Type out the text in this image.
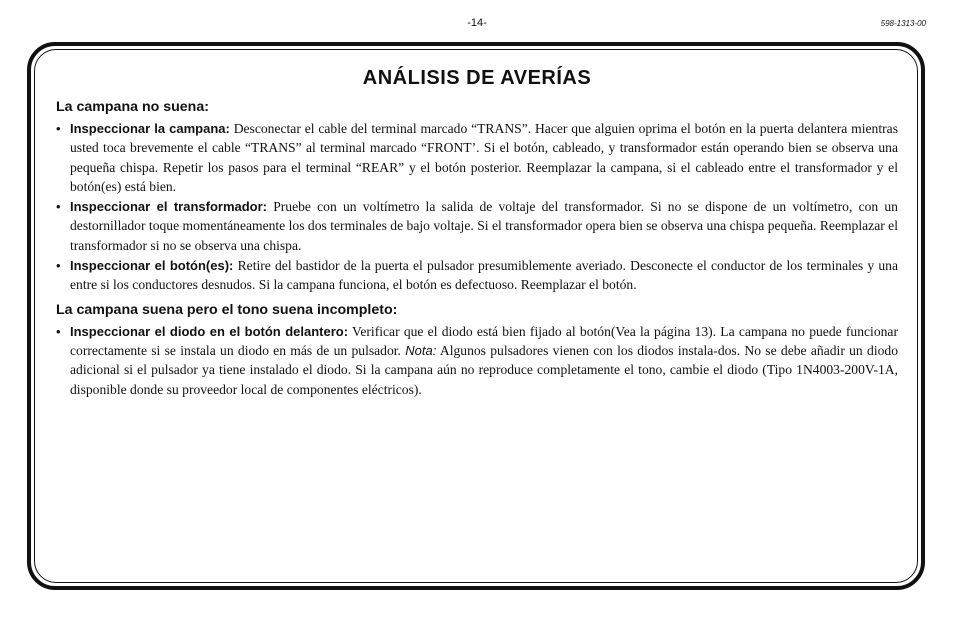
-14-	598-1313-00
ANÁLISIS DE AVERÍAS
La campana no suena:
• Inspeccionar la campana: Desconectar el cable del terminal marcado “TRANS”. Hacer que alguien oprima el botón en la puerta delantera mientras usted toca brevemente el cable “TRANS” al terminal marcado “FRONT’. Si el botón, cableado, y transformador están operando bien se observa una pequeña chispa. Repetir los pasos para el terminal “REAR” y el botón posterior. Reemplazar la campana, si el cableado entre el transformador y el botón(es) está bien.
• Inspeccionar el transformador: Pruebe con un voltímetro la salida de voltaje del transformador. Si no se dispone de un voltímetro, con un destornillador toque momentáneamente los dos terminales de bajo voltaje. Si el transformador opera bien se observa una chispa pequeña. Reemplazar el transformador si no se observa una chispa.
• Inspeccionar el botón(es): Retire del bastidor de la puerta el pulsador presumiblemente averiado. Desconecte el conductor de los terminales y una entre si los conductores desnudos. Si la campana funciona, el botón es defectuoso. Reemplazar el botón.
La campana suena pero el tono suena incompleto:
• Inspeccionar el diodo en el botón delantero: Verificar que el diodo está bien fijado al botón(Vea la página 13). La campana no puede funcionar correctamente si se instala un diodo en más de un pulsador. Nota: Algunos pulsadores vienen con los diodos instala-dos. No se debe añadir un diodo adicional si el pulsador ya tiene instalado el diodo. Si la campana aún no reproduce completamente el tono, cambie el diodo (Tipo 1N4003-200V-1A, disponible donde su proveedor local de componentes eléctricos).
